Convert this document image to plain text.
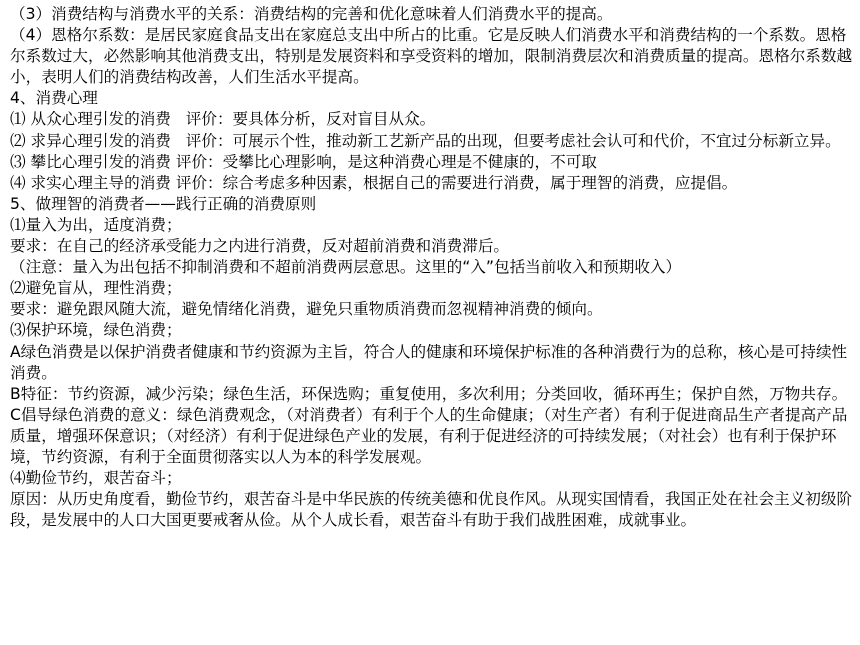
（3）消费结构与消费水平的关系：消费结构的完善和优化意味着人们消费水平的提高。

（4）恩格尔系数：是居民家庭食品支出在家庭总支出中所占的比重。它是反映人们消费水平和消费结构的一个系数。恩格尔系数过大，必然影响其他消费支出，特别是发展资料和享受资料的增加，限制消费层次和消费质量的提高。恩格尔系数越小，表明人们的消费结构改善，人们生活水平提高。

4、消费心理

⑴ 从众心理引发的消费   评价：要具体分析，反对盲目从众。

⑵ 求异心理引发的消费   评价：可展示个性，推动新工艺新产品的出现，但要考虑社会认可和代价，不宜过分标新立异。

⑶ 攀比心理引发的消费 评价：受攀比心理影响，是这种消费心理是不健康的，不可取

⑷ 求实心理主导的消费 评价：综合考虑多种因素，根据自己的需要进行消费，属于理智的消费，应提倡。

5、做理智的消费者——践行正确的消费原则

⑴量入为出，适度消费；

要求：在自己的经济承受能力之内进行消费，反对超前消费和消费滞后。

（注意：量入为出包括不抑制消费和不超前消费两层意思。这里的“入”包括当前收入和预期收入）

⑵避免盲从，理性消费；

要求：避免跟风随大流，避免情绪化消费，避免只重物质消费而忽视精神消费的倾向。

⑶保护环境，绿色消费；

A绿色消费是以保护消费者健康和节约资源为主旨，符合人的健康和环境保护标准的各种消费行为的总称，核心是可持续性消费。

B特征：节约资源，减少污染；绿色生活，环保选购；重复使用，多次利用；分类回收，循环再生；保护自然，万物共存。

C倡导绿色消费的意义：绿色消费观念，（对消费者）有利于个人的生命健康；（对生产者）有利于促进商品生产者提高产品质量，增强环保意识；（对经济）有利于促进绿色产业的发展，有利于促进经济的可持续发展；（对社会）也有利于保护环境，节约资源，有利于全面贯彻落实以人为本的科学发展观。

⑷勤俭节约，艰苦奋斗；

原因：从历史角度看，勤俭节约，艰苦奋斗是中华民族的传统美德和优良作风。从现实国情看，我国正处在社会主义初级阶段，是发展中的人口大国更要戒奢从俭。从个人成长看，艰苦奋斗有助于我们战胜困难，成就事业。
